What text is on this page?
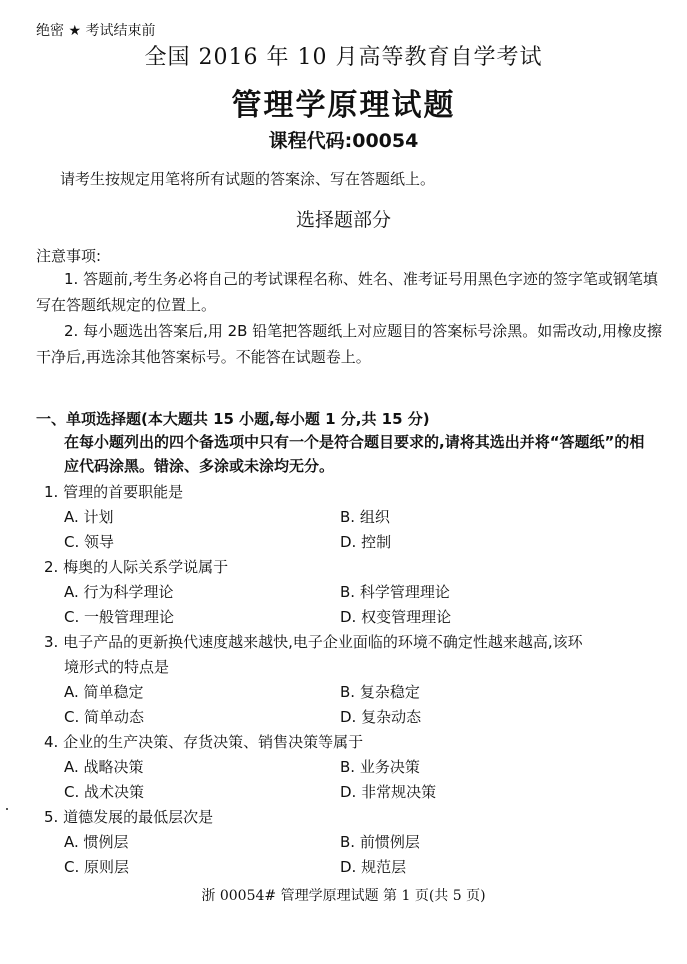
绝密 ★ 考试结束前
全国 2016 年 10 月高等教育自学考试
管理学原理试题
课程代码:00054
请考生按规定用笔将所有试题的答案涂、写在答题纸上。
选择题部分
注意事项:
1. 答题前,考生务必将自己的考试课程名称、姓名、准考证号用黑色字迹的签字笔或钢笔填写在答题纸规定的位置上。
2. 每小题选出答案后,用 2B 铅笔把答题纸上对应题目的答案标号涂黑。如需改动,用橡皮擦干净后,再选涂其他答案标号。不能答在试题卷上。
一、单项选择题(本大题共 15 小题,每小题 1 分,共 15 分)
在每小题列出的四个备选项中只有一个是符合题目要求的,请将其选出并将“答题纸”的相应代码涂黑。错涂、多涂或未涂均无分。
1. 管理的首要职能是
A. 计划	B. 组织
C. 领导	D. 控制
2. 梅奥的人际关系学说属于
A. 行为科学理论	B. 科学管理理论
C. 一般管理理论	D. 权变管理理论
3. 电子产品的更新换代速度越来越快,电子企业面临的环境不确定性越来越高,该环
境形式的特点是
A. 简单稳定	B. 复杂稳定
C. 简单动态	D. 复杂动态
4. 企业的生产决策、存货决策、销售决策等属于
A. 战略决策	B. 业务决策
C. 战术决策	D. 非常规决策
5. 道德发展的最低层次是
A. 惯例层	B. 前惯例层
C. 原则层	D. 规范层
浙 00054# 管理学原理试题 第 1 页(共 5 页)
